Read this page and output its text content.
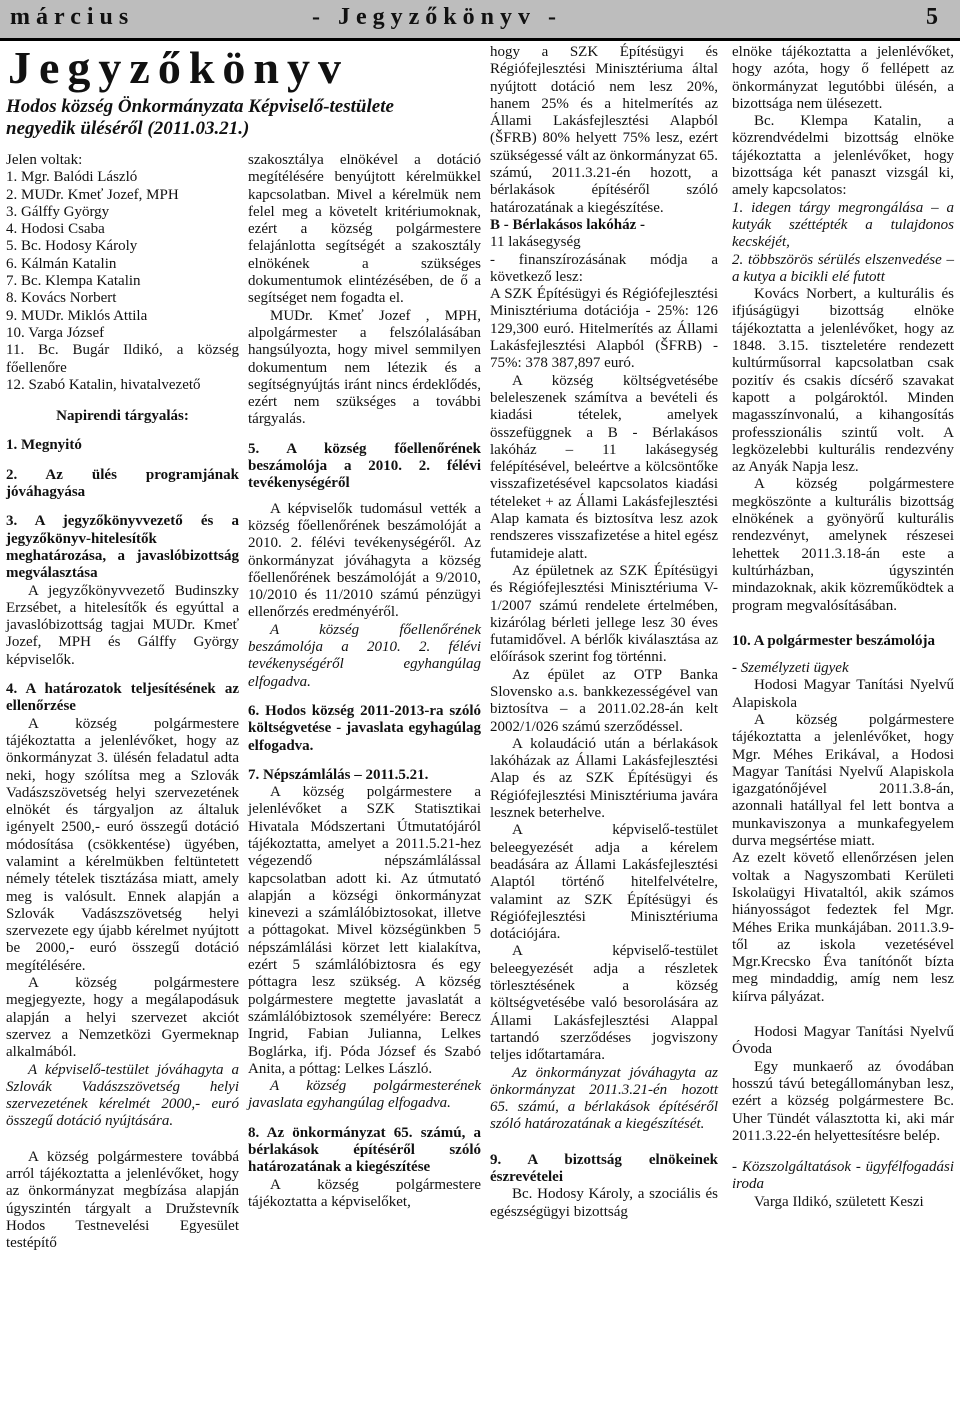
március	- Jegyzőkönyv -	5
Jegyzőkönyv
Hodos község Önkormányzata Képviselő-testülete
negyedik üléséről (2011.03.21.)

Jelen voltak:

1. Mgr. Balódi László

2. MUDr. Kmeť Jozef, MPH

3. Gálffy György

4. Hodosi Csaba

5. Bc. Hodosy Károly

6. Kálmán Katalin

7. Bc. Klempa Katalin

8. Kovács Norbert

9. MUDr. Miklós Attila

10. Varga József

11. Bc. Bugár Ildikó, a község főellenőre

12. Szabó Katalin, hivatalvezető

Napirendi tárgyalás:

1. Megnyitó

2. Az ülés programjának jóváhagyása

3. A jegyzőkönyvvezető és a jegyzőkönyv-hitelesítők meghatározása, a javaslóbizottság megválasztása

A jegyzőkönyvvezető Budinszky Erzsébet, a hitelesítők és egyúttal a javaslóbizottság tagjai MUDr. Kmeť Jozef, MPH és Gálffy György képviselők.

4. A határozatok teljesítésének az ellenőrzése

A község polgármestere tájékoztatta a jelenlévőket, hogy az önkormányzat 3. ülésén feladatul adta neki, hogy szólítsa meg a Szlovák Vadászszövetség helyi szervezetének elnökét és tárgyaljon az általuk igényelt 2500,- euró összegű dotáció módosítása (csökkentése) ügyében, valamint a kérelmükben feltüntetett némely tételek tisztázása miatt, amely meg is valósult. Ennek alapján a Szlovák Vadászszövetség helyi szervezete egy újabb kérelmet nyújtott be 2000,- euró összegű dotáció megítélésére.

A község polgármestere megjegyezte, hogy a megálapodásuk alapján a helyi szervezet akciót szervez a Nemzetközi Gyermeknap alkalmából.

A képviselő-testület jóváhagyta a Szlovák Vadászszövetség helyi szervezetének kérelmét 2000,- euró összegű dotáció nyújtására.

A község polgármestere továbbá arról tájékoztatta a jelenlévőket, hogy az önkormányzat megbízása alapján úgyszintén tárgyalt a Družstevník Hodos Testnevelési Egyesület testépítő

szakosztálya elnökével a dotáció megítélésére benyújtott kérelmükkel kapcsolatban. Mivel a kérelmük nem felel meg a követelt kritériumoknak, ezért a község polgármestere felajánlotta segítségét a szakosztály elnökének a szükséges dokumentumok elintézésében, de ő a segítséget nem fogadta el.

MUDr. Kmeť Jozef , MPH, alpolgármester a felszólalásában hangsúlyozta, hogy mivel semmilyen dokumentum nem létezik és a segítségnyújtás iránt nincs érdeklődés, ezért nem szükséges a további tárgyalás.

5. A község főellenőrének beszámolója a 2010. 2. félévi tevékenységéről

A képviselők tudomásul vették a község főellenőrének beszámolóját a 2010. 2. félévi tevékenységéről. Az önkormányzat jóváhagyta a község főellenőrének beszámolóját a 9/2010, 10/2010 és 11/2010 számú pénzügyi ellenőrzés eredményéről.

A község főellenőrének beszámolója a 2010. 2. félévi tevékenységéről egyhangúlag elfogadva.

6. Hodos község 2011-2013-ra szóló költségvetése - javaslata egyhagúlag elfogadva.

7. Népszámlálás – 2011.5.21.

A község polgármestere a jelenlévőket a SZK Statisztikai Hivatala Módszertani Útmutatójáról tájékoztatta, amelyet a 2011.5.21-hez végezendő népszámlálással kapcsolatban adott ki. Az útmutató alapján a községi önkormányzat kinevezi a számlálóbiztosokat, illetve a póttagokat. Mivel községünkben 5 népszámlálási körzet lett kialakítva, ezért 5 számlálóbiztosra és egy póttagra lesz szükség. A község polgármestere megtette javaslatát a számlálóbiztosok személyére: Berecz Ingrid, Fabian Julianna, Lelkes Boglárka, ifj. Póda József és Szabó Anita, a póttag: Lelkes László.

A község polgármesterének javaslata egyhangúlag elfogadva.

8. Az önkormányzat 65. számú, a bérlakások építéséről szóló határozatának a kiegészítése

A község polgármestere tájékoztatta a képviselőket,

hogy a SZK Építésügyi és Régiófejlesztési Minisztériuma által nyújtott dotáció nem lesz 20%, hanem 25% és a hitelmerítés az Állami Lakásfejlesztési Alapból (ŠFRB) 80% helyett 75% lesz, ezért szükségessé vált az önkormányzat 65. számú, 2011.3.21-én hozott, a bérlakások építéséről szóló határozatának a kiegészítése.

B - Bérlakásos lakóház -

11 lakásegység

- finanszírozásának módja a következő lesz:

A SZK Építésügyi és Régiófejlesztési Minisztériuma dotációja - 25%: 126 129,300 euró. Hitelmerítés az Állami Lakásfejlesztési Alapból (ŠFRB) - 75%: 378 387,897 euró.

A község költségvetésébe beleleszenek számítva a bevételi és kiadási tételek, amelyek összefüggnek a B - Bérlakásos lakóház – 11 lakásegység felépítésével, beleértve a kölcsöntőke visszafizetésével kapcsolatos kiadási tételeket + az Állami Lakásfejlesztési Alap kamata és biztosítva lesz azok rendszeres visszafizetése a hitel egész futamideje alatt.

Az épületnek az SZK Építésügyi és Régiófejlesztési Minisztériuma V-1/2007 számú rendelete értelmében, kizárólag bérleti jellege lesz 30 éves futamidővel. A bérlők kiválasztása az előírások szerint fog történni.

Az épület az OTP Banka Slovensko a.s. bankkezességével van biztosítva – a 2011.02.28-án kelt 2002/1/026 számú szerződéssel.

A kolaudáció után a bérlakások lakóházak az Állami Lakásfejlesztési Alap és az SZK Építésügyi és Régiófejlesztési Minisztériuma javára lesznek beterhelve.

A képviselő-testület beleegyezését adja a kérelem beadására az Állami Lakásfejlesztési Alaptól történő hitelfelvételre, valamint az SZK Építésügyi és Régiófejlesztési Minisztériuma dotációjára.

A képviselő-testület beleegyezését adja a részletek törlesztésének a község költségvetésébe való besorolására az Állami Lakásfejlesztési Alappal tartandó szerződéses jogviszony teljes időtartamára.

Az önkormányzat jóváhagyta az önkormányzat 2011.3.21-én hozott 65. számú, a bérlakások építéséről szóló határozatának a kiegészítését.

9. A bizottság elnökeinek észrevételei

Bc. Hodosy Károly, a szociális és egészségügyi bizottság

elnöke tájékoztatta a jelenlévőket, hogy azóta, hogy ő fellépett az önkormányzat legutóbbi ülésén, a bizottsága nem ülésezett.

Bc. Klempa Katalin, a közrendvédelmi bizottság elnöke tájékoztatta a jelenlévőket, hogy bizottsága két panaszt vizsgál ki, amely kapcsolatos:

1. idegen tárgy megrongálása – a kutyák széttépték a tulajdonos kecskéjét,

2. többszörös sérülés elszenvedése – a kutya a bicikli elé futott

Kovács Norbert, a kulturális és ifjúságügyi bizottság elnöke tájékoztatta a jelenlévőket, hogy az 1848. 3.15. tiszteletére rendezett kultúrműsorral kapcsolatban csak pozitív és csakis dícsérő szavakat kapott a polgároktól. Minden magasszínvonalú, a kihangosítás professzionális szintű volt. A legközelebbi kulturális rendezvény az Anyák Napja lesz.

A község polgármestere megköszönte a kulturális bizottság elnökének a gyönyörű kulturális rendezvényt, amelynek részesei lehettek 2011.3.18-án este a kultúrházban, úgyszintén mindazoknak, akik közreműködtek a program megvalósításában.

10. A polgármester beszámolója

- Személyzeti ügyek

Hodosi Magyar Tanítási Nyelvű Alapiskola

A község polgármestere tájékoztatta a jelenlévőket, hogy Mgr. Méhes Erikával, a Hodosi Magyar Tanítási Nyelvű Alapiskola igazgatónőjével 2011.3.8-án, azonnali hatállyal fel lett bontva a munkaviszonya a munkafegyelem durva megsértése miatt.

Az ezelt követő ellenőrzésen jelen voltak a Nagyszombati Kerületi Iskolaügyi Hivataltól, akik számos hiányosságot fedeztek fel Mgr. Méhes Erika munkájában. 2011.3.9-től az iskola vezetésével Mgr.Krecsko Éva tanítónőt bízta meg mindaddig, amíg nem lesz kiírva pályázat.

Hodosi Magyar Tanítási Nyelvű Óvoda

Egy munkaerő az óvodában hosszú távú betegállományban lesz, ezért a község polgármestere Bc. Uher Tündét választotta ki, aki már 2011.3.22-én helyettesítésre belép.

- Közszolgáltatások - ügyfélfogadási iroda

Varga Ildikó, született Keszi
